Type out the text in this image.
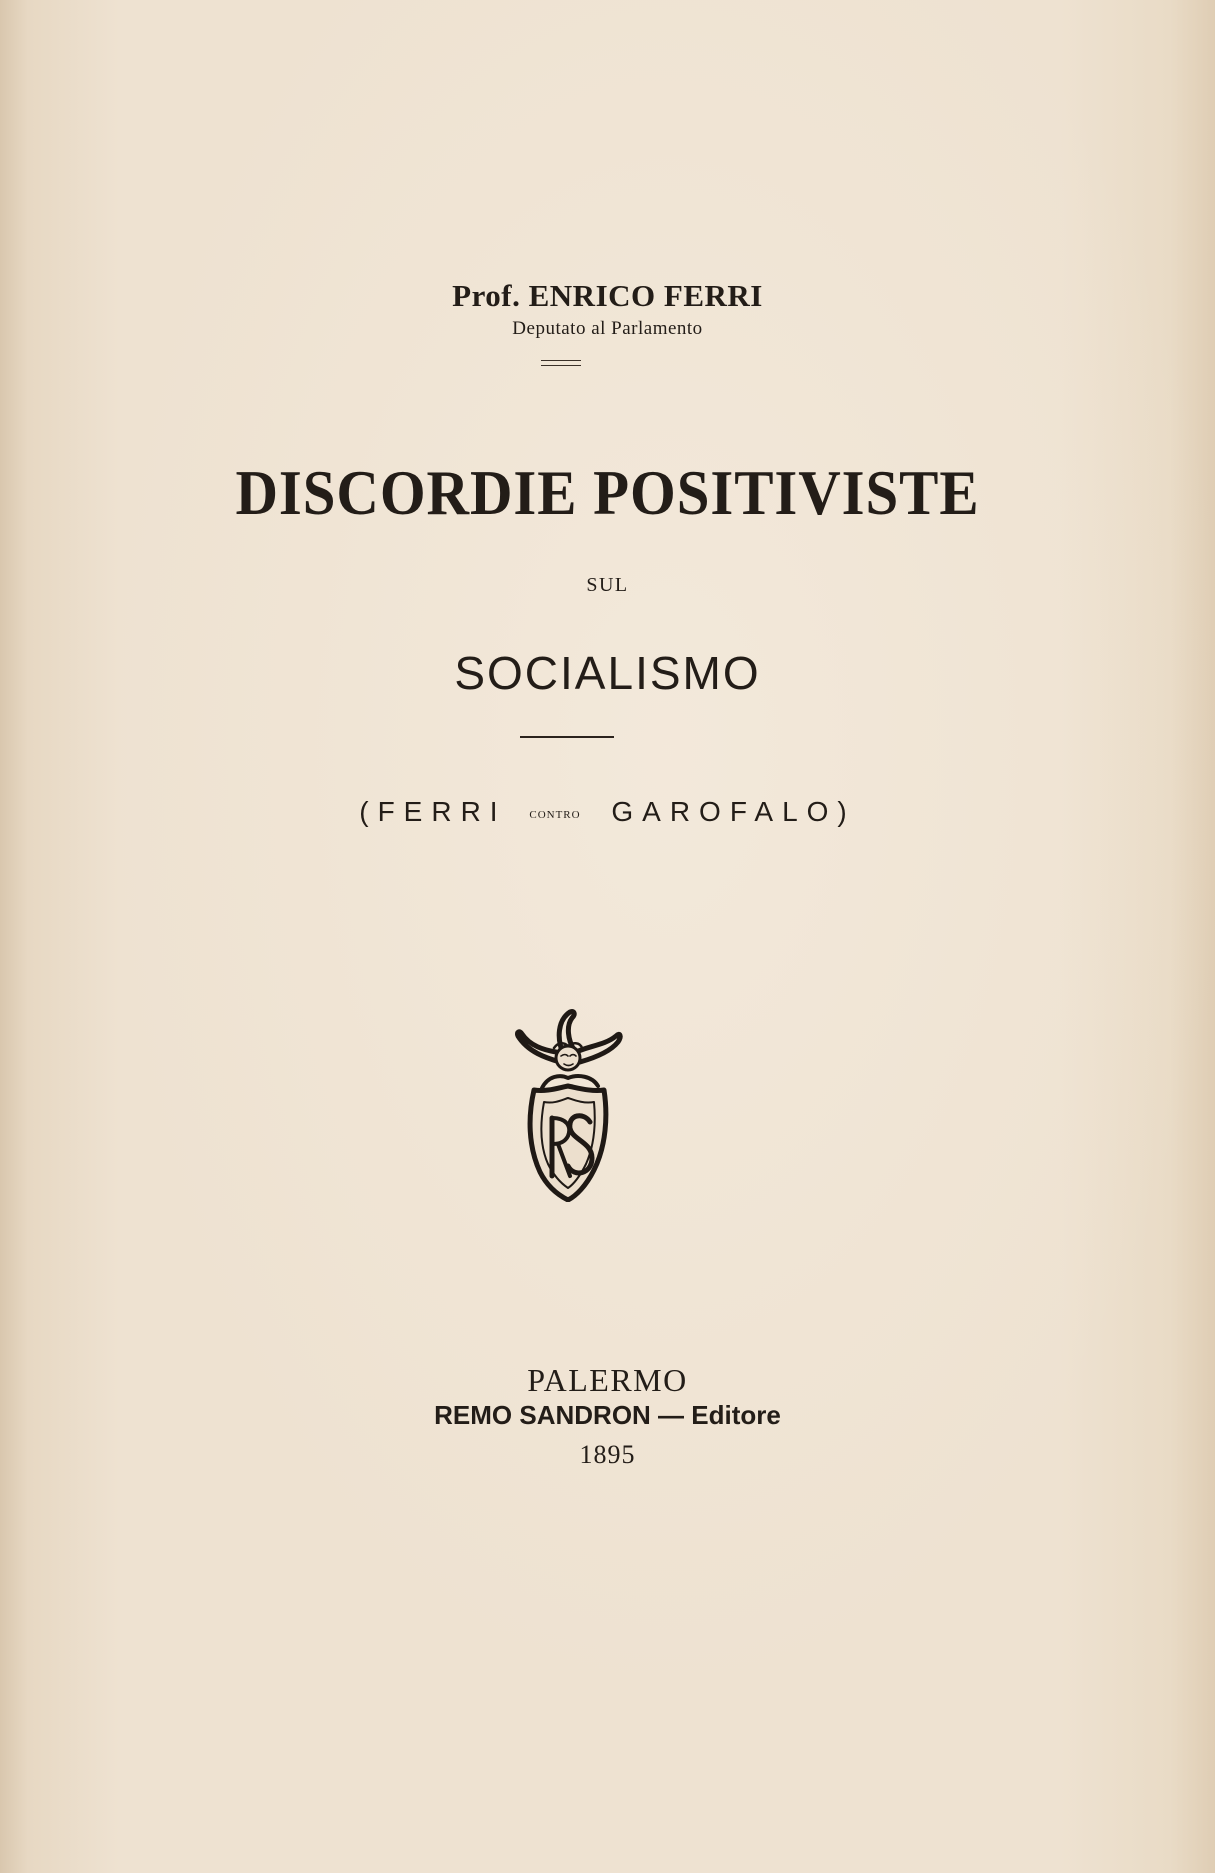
Prof. ENRICO FERRI
Deputato al Parlamento
DISCORDIE POSITIVISTE
SUL
SOCIALISMO
(FERRI contro GAROFALO)
PALERMO
REMO SANDRON — Editore
1895
